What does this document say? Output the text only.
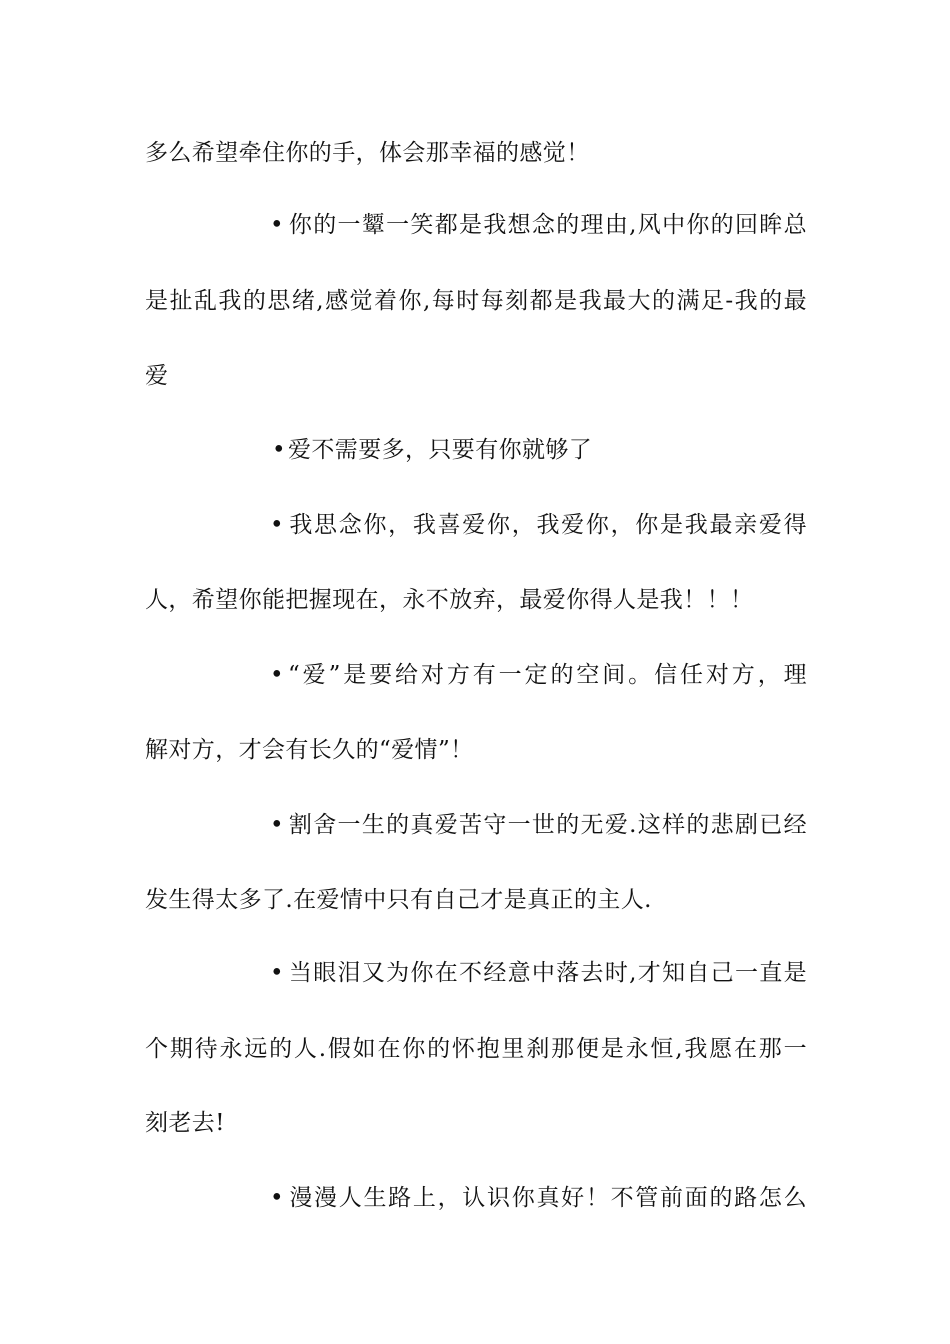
多么希望牵住你的手，体会那幸福的感觉！
• 你的一颦一笑都是我想念的理由,风中你的回眸总
是扯乱我的思绪,感觉着你,每时每刻都是我最大的满足-我的最
爱
•爱不需要多，只要有你就够了
• 我思念你，我喜爱你，我爱你，你是我最亲爱得
人，希望你能把握现在，永不放弃，最爱你得人是我！！！
• “爱”是要给对方有一定的空间。信任对方，理
解对方，才会有长久的“爱情”！
• 割舍一生的真爱苦守一世的无爱.这样的悲剧已经
发生得太多了.在爱情中只有自己才是真正的主人.
• 当眼泪又为你在不经意中落去时,才知自己一直是
个期待永远的人.假如在你的怀抱里刹那便是永恒,我愿在那一
刻老去!
• 漫漫人生路上，认识你真好！不管前面的路怎么
